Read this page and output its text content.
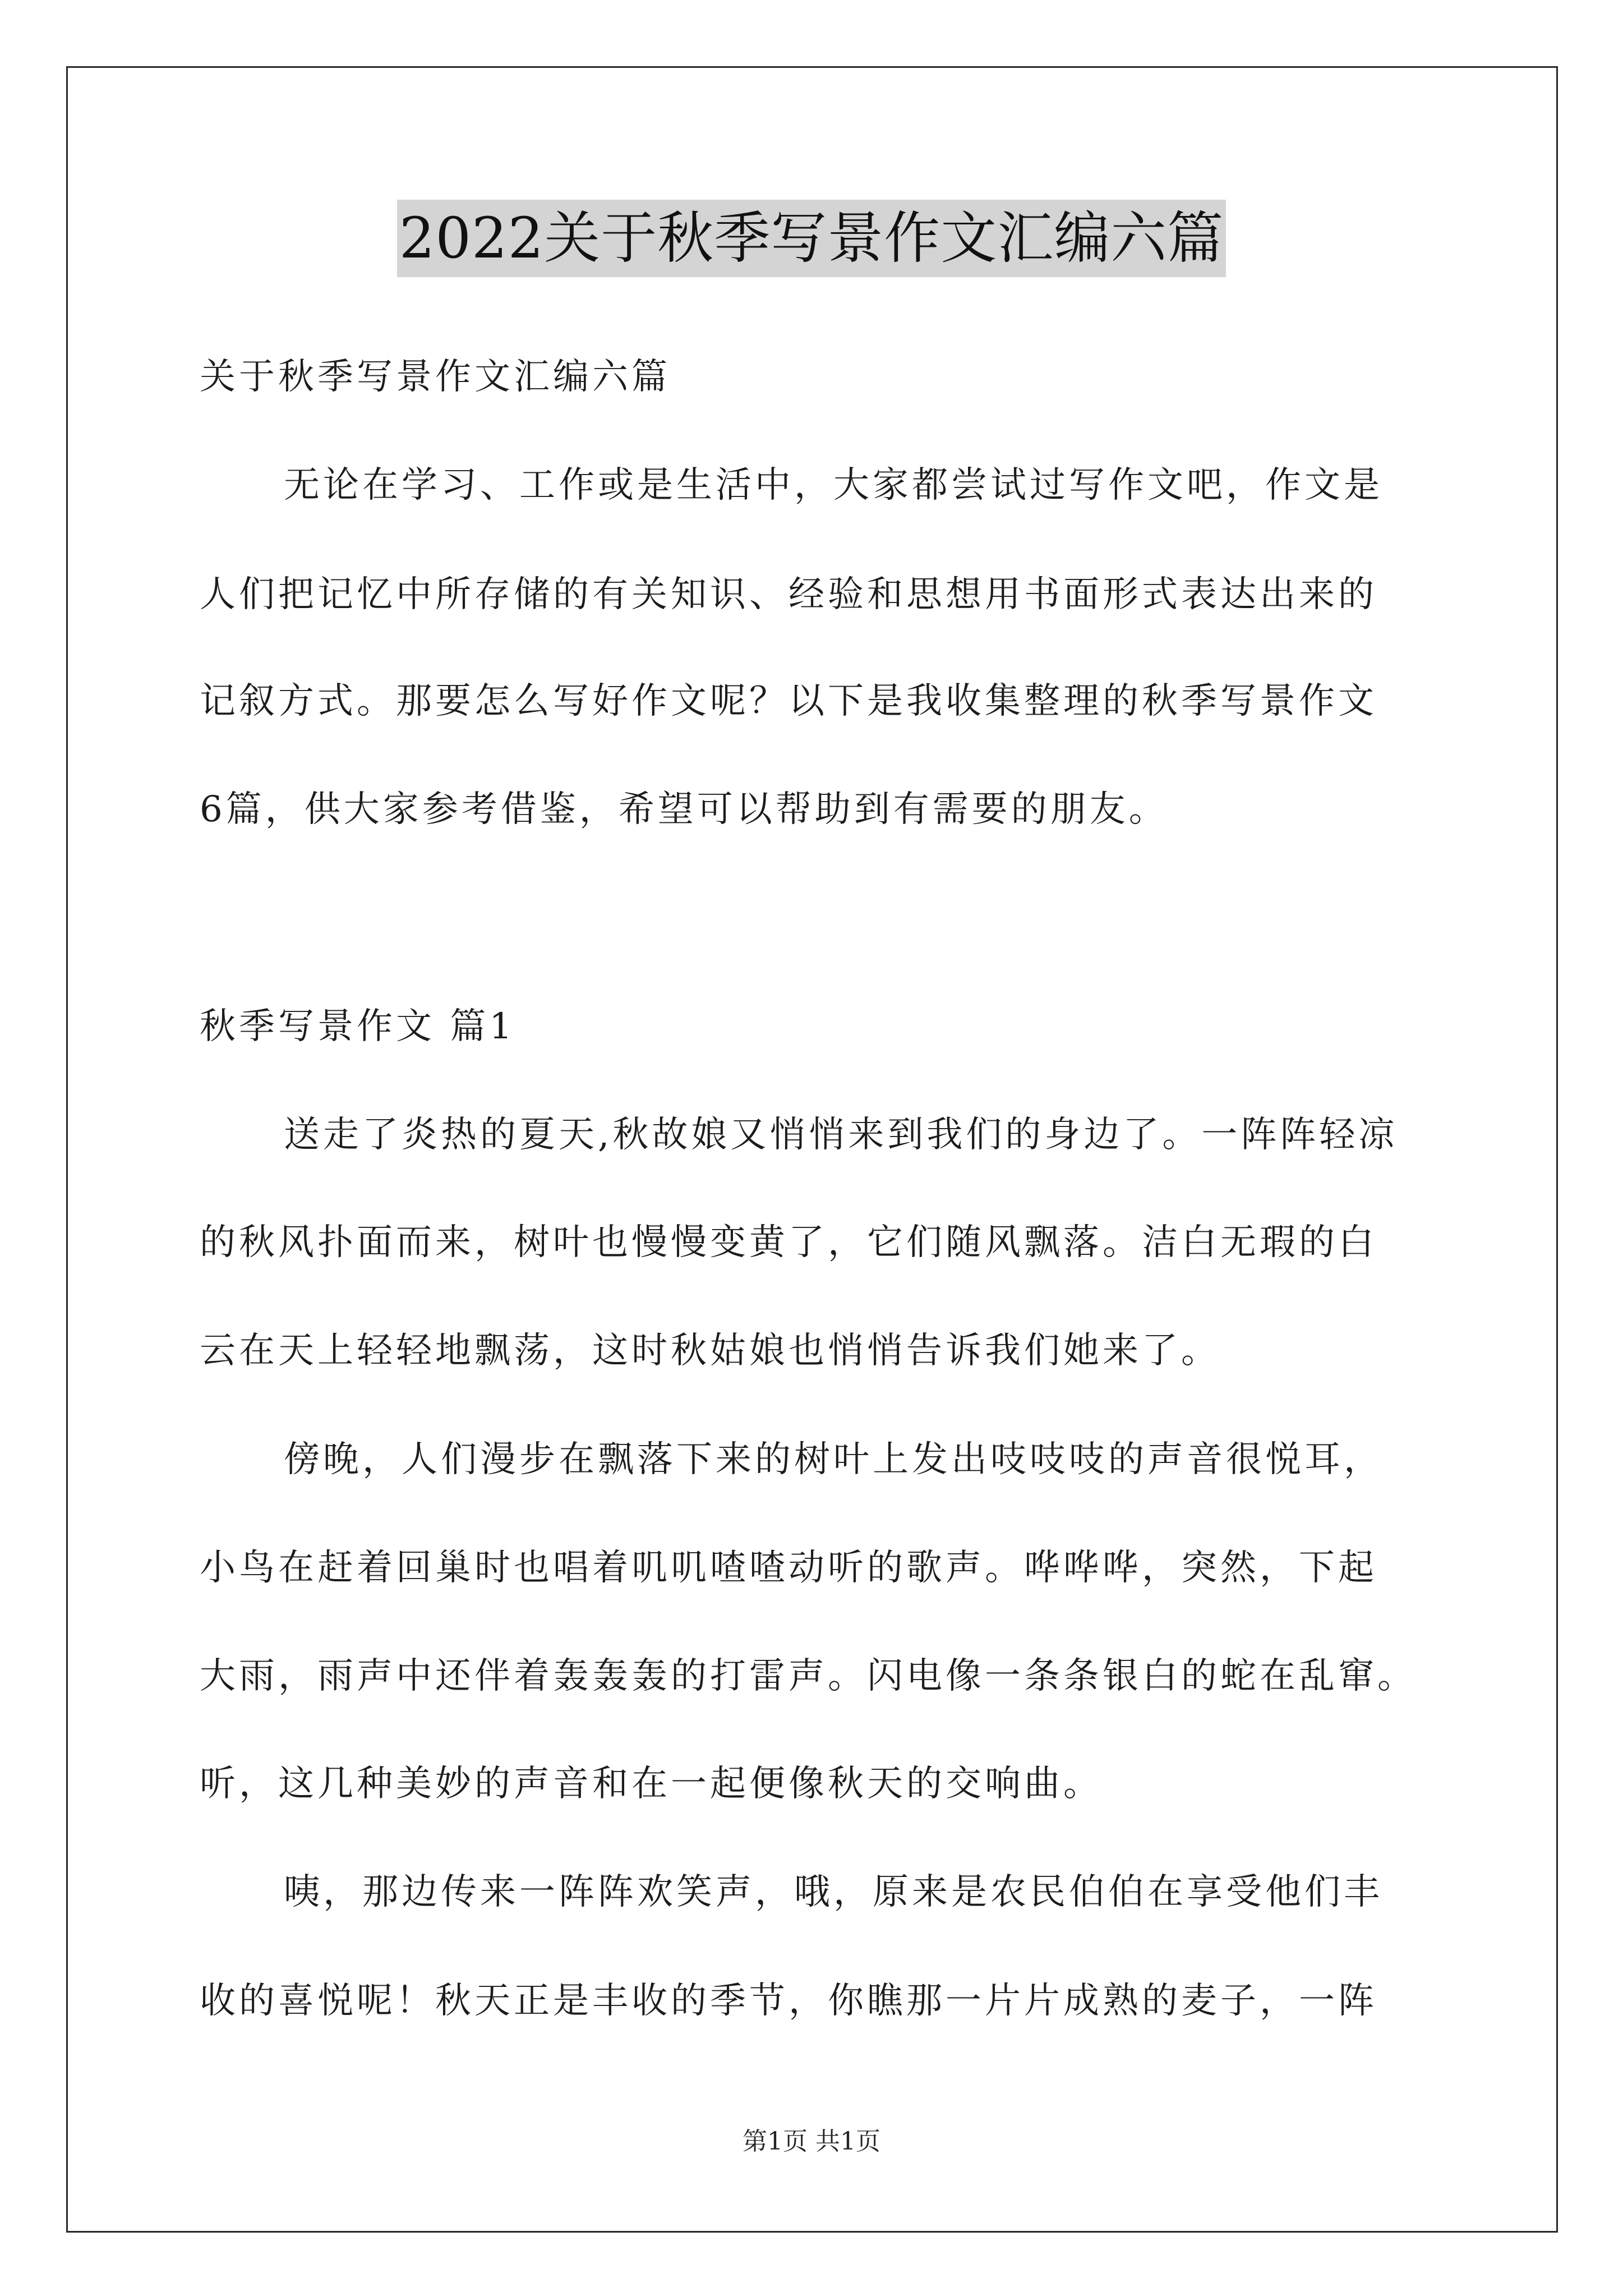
2022关于秋季写景作文汇编六篇
关于秋季写景作文汇编六篇
无论在学习、工作或是生活中，大家都尝试过写作文吧，作文是
人们把记忆中所存储的有关知识、经验和思想用书面形式表达出来的
记叙方式。那要怎么写好作文呢？以下是我收集整理的秋季写景作文
6篇，供大家参考借鉴，希望可以帮助到有需要的朋友。
秋季写景作文 篇1
送走了炎热的夏天,秋故娘又悄悄来到我们的身边了。一阵阵轻凉
的秋风扑面而来，树叶也慢慢变黄了，它们随风飘落。洁白无瑕的白
云在天上轻轻地飘荡，这时秋姑娘也悄悄告诉我们她来了。
傍晚，人们漫步在飘落下来的树叶上发出吱吱吱的声音很悦耳，
小鸟在赶着回巢时也唱着叽叽喳喳动听的歌声。哗哗哗，突然，下起
大雨，雨声中还伴着轰轰轰的打雷声。闪电像一条条银白的蛇在乱窜。
听，这几种美妙的声音和在一起便像秋天的交响曲。
咦，那边传来一阵阵欢笑声，哦，原来是农民伯伯在享受他们丰
收的喜悦呢！秋天正是丰收的季节，你瞧那一片片成熟的麦子，一阵
第1页 共1页
